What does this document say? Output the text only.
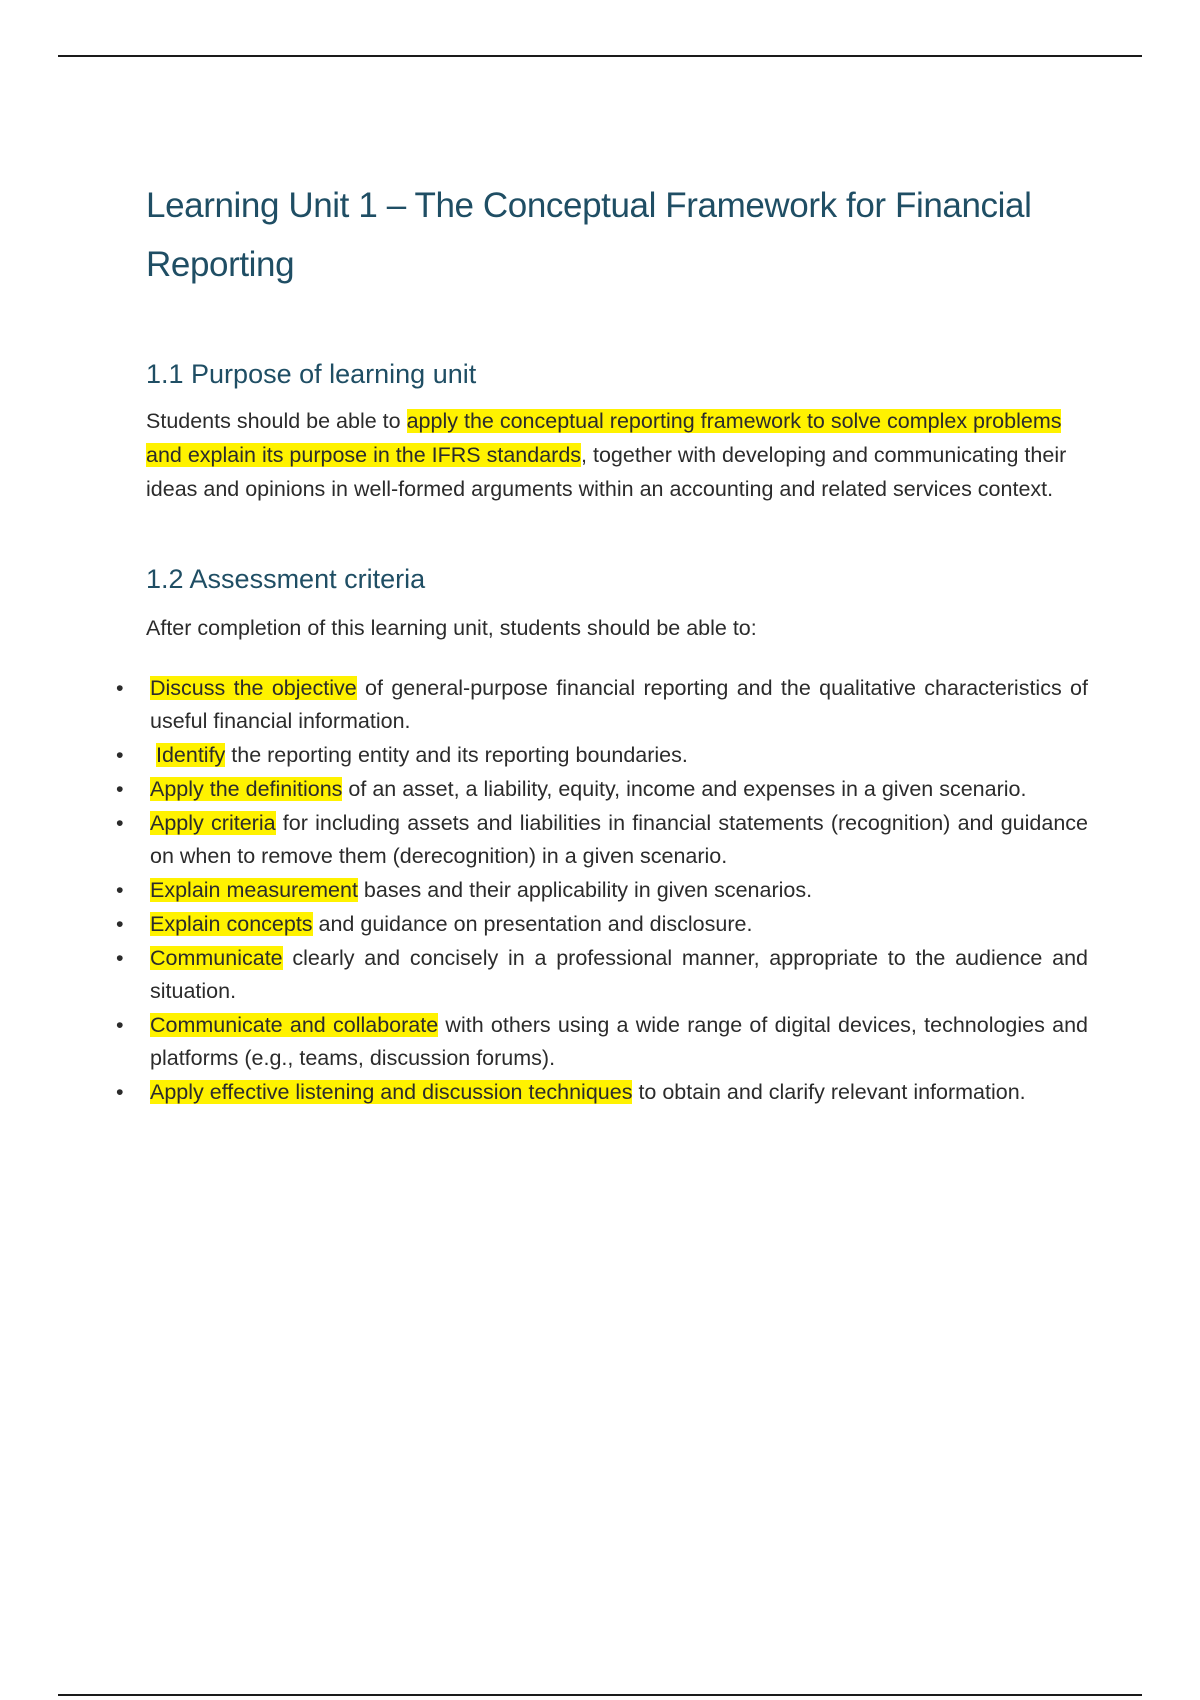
Learning Unit 1 – The Conceptual Framework for Financial Reporting
1.1 Purpose of learning unit

Students should be able to apply the conceptual reporting framework to solve complex problems and explain its purpose in the IFRS standards, together with developing and communicating their ideas and opinions in well-formed arguments within an accounting and related services context.

1.2 Assessment criteria

After completion of this learning unit, students should be able to:

•	Discuss the objective of general-purpose financial reporting and the qualitative characteristics of useful financial information.
•	Identify the reporting entity and its reporting boundaries.
•	Apply the definitions of an asset, a liability, equity, income and expenses in a given scenario.
•	Apply criteria for including assets and liabilities in financial statements (recognition) and guidance on when to remove them (derecognition) in a given scenario.
•	Explain measurement bases and their applicability in given scenarios.
•	Explain concepts and guidance on presentation and disclosure.
•	Communicate clearly and concisely in a professional manner, appropriate to the audience and situation.
•	Communicate and collaborate with others using a wide range of digital devices, technologies and platforms (e.g., teams, discussion forums).
•	Apply effective listening and discussion techniques to obtain and clarify relevant information.
